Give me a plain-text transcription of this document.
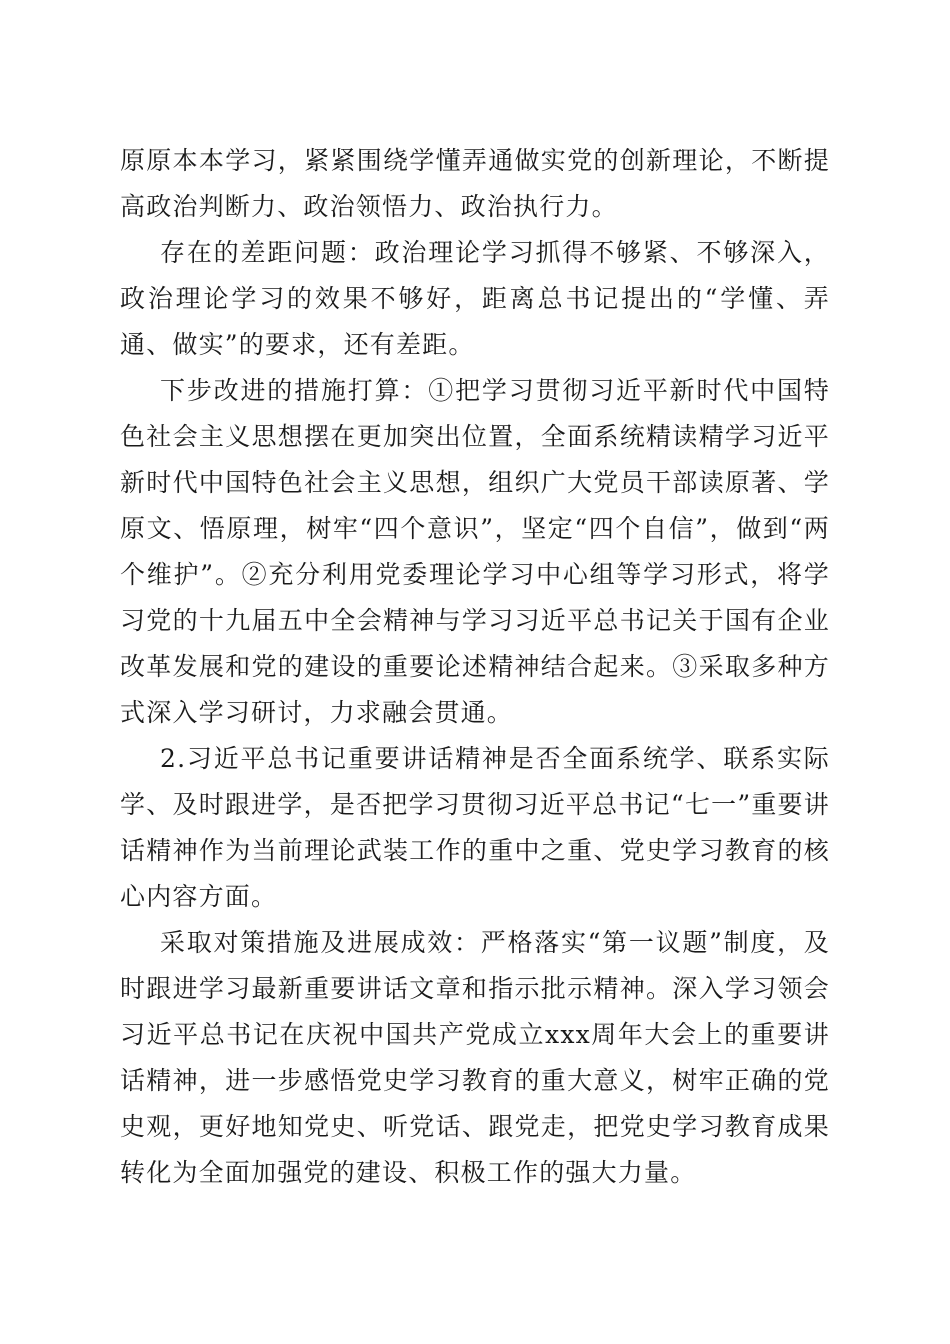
原原本本学习，紧紧围绕学懂弄通做实党的创新理论，不断提高政治判断力、政治领悟力、政治执行力。

存在的差距问题：政治理论学习抓得不够紧、不够深入，政治理论学习的效果不够好，距离总书记提出的“学懂、弄通、做实”的要求，还有差距。

下步改进的措施打算：①把学习贯彻习近平新时代中国特色社会主义思想摆在更加突出位置，全面系统精读精学习近平新时代中国特色社会主义思想，组织广大党员干部读原著、学原文、悟原理，树牢“四个意识”，坚定“四个自信”，做到“两个维护”。②充分利用党委理论学习中心组等学习形式，将学习党的十九届五中全会精神与学习习近平总书记关于国有企业改革发展和党的建设的重要论述精神结合起来。③采取多种方式深入学习研讨，力求融会贯通。

2.习近平总书记重要讲话精神是否全面系统学、联系实际学、及时跟进学，是否把学习贯彻习近平总书记“七一”重要讲话精神作为当前理论武装工作的重中之重、党史学习教育的核心内容方面。

采取对策措施及进展成效：严格落实“第一议题”制度，及时跟进学习最新重要讲话文章和指示批示精神。深入学习领会习近平总书记在庆祝中国共产党成立xxx周年大会上的重要讲话精神，进一步感悟党史学习教育的重大意义，树牢正确的党史观，更好地知党史、听党话、跟党走，把党史学习教育成果转化为全面加强党的建设、积极工作的强大力量。
